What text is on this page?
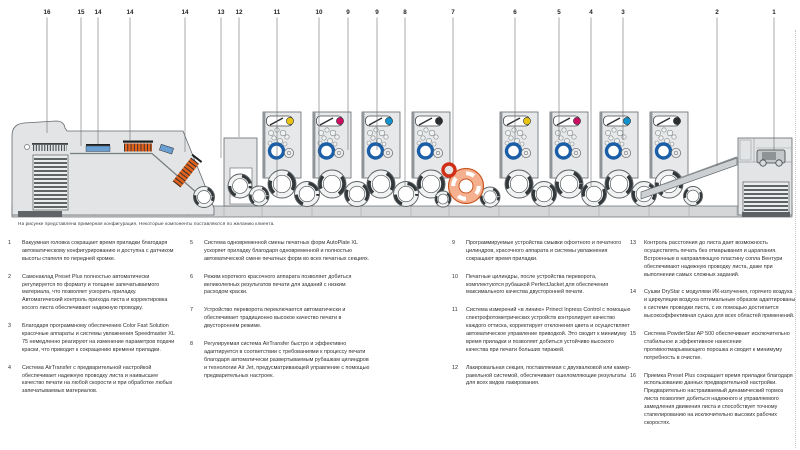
16	15 14	14	14	13 12	11	10	9	9	8	7	6	5	4	3	2	1
На рисунке представлена примерная конфигурация. Некоторые компоненты поставляются по желанию клиента.
1	Вакуумная головка сокращает время приладки благодаря автоматическому конфигурированию и доступна с датчиком высоты стапеля по передней кромке.
2	Самонаклад Preset Plus полностью автоматически регулируется по формату и толщине запечатываемого материала, что позволяет ускорить приладку. Автоматический контроль прихода листа и корректировка косого листа обеспечивают надежную проводку.
3	Благодаря программному обеспечению Color Fast Solution красочные аппараты и системы увлажнения Speedmaster XL 75 немедленно реагируют на изменение параметров подачи краски, что приводит к сокращению времени приладки.
4	Система AirTransfer с предварительной настройкой обеспечивает надежную проводку листа и наивысшее качество печати на любой скорости и при обработке любых запечатываемых материалов.
5	Система одновременной смены печатных форм AutoPlate XL ускоряет приладку благодаря одновременной и полностью автоматической смене печатных форм во всех печатных секциях.
6	Режим короткого красочного аппарата позволяет добиться великолепных результатов печати для заданий с низким расходом краски.
7	Устройство переворота переключается автоматически и обеспечивает традиционно высокое качество печати в двустороннем режиме.
8	Регулируемая система AirTransfer быстро и эффективно адаптируется в соответствии с требованиями к процессу печати благодаря автоматически развертываемым рубашкам цилиндров и технологии Air Jet, предусматривающей управление с помощью предварительных настроек.
9	Программируемые устройства смывки офсетного и печатного цилиндров, красочного аппарата и системы увлажнения сокращают время приладки.
10	Печатные цилиндры, после устройства переворота, комплектуются рубашкой PerfectJacket для обеспечения максимального качества двусторонней печати.
11	Система измерений «в линию» Prinect Inpress Control с помощью спектрофотометрических устройств контролирует качество каждого оттиска, корректирует отклонения цвета и осуществляет автоматическое управление приводкой. Это сводит к минимуму время приладки и позволяет добиться устойчиво высокого качества при печати больших тиражей.
12	Лакировальная секция, поставляемая с двухвалковой или камер-ракельной системой, обеспечивает ошеломляющие результаты для всех видов лакирования.
13	Контроль расстояния до листа дает возможность осуществлять печать без отмарывания и царапания. Встроенные в направляющую пластину сопла Вентури обеспечивают надежную проводку листа, даже при выполнении самых сложных заданий.
14	Сушки DryStar с модулями ИК-излучения, горячего воздуха и циркуляции воздуха оптимальным образом адаптированы к системе проводки листа, с их помощью достигается высокоэффективная сушка для всех областей применений.
15	Система PowderStar AP 500 обеспечивает исключительно стабильное и эффективное нанесение противоотмарывающего порошка и сводит к минимуму потребность в очистке.
16	Приемка Preset Plus сокращает время приладки благодаря использованию данных предварительной настройки. Предварительно настраиваемый динамический тормоз листа позволяет добиться надежного и управляемого замедления движения листа и способствует точному стапелированию на исключительно высоких рабочих скоростях.
